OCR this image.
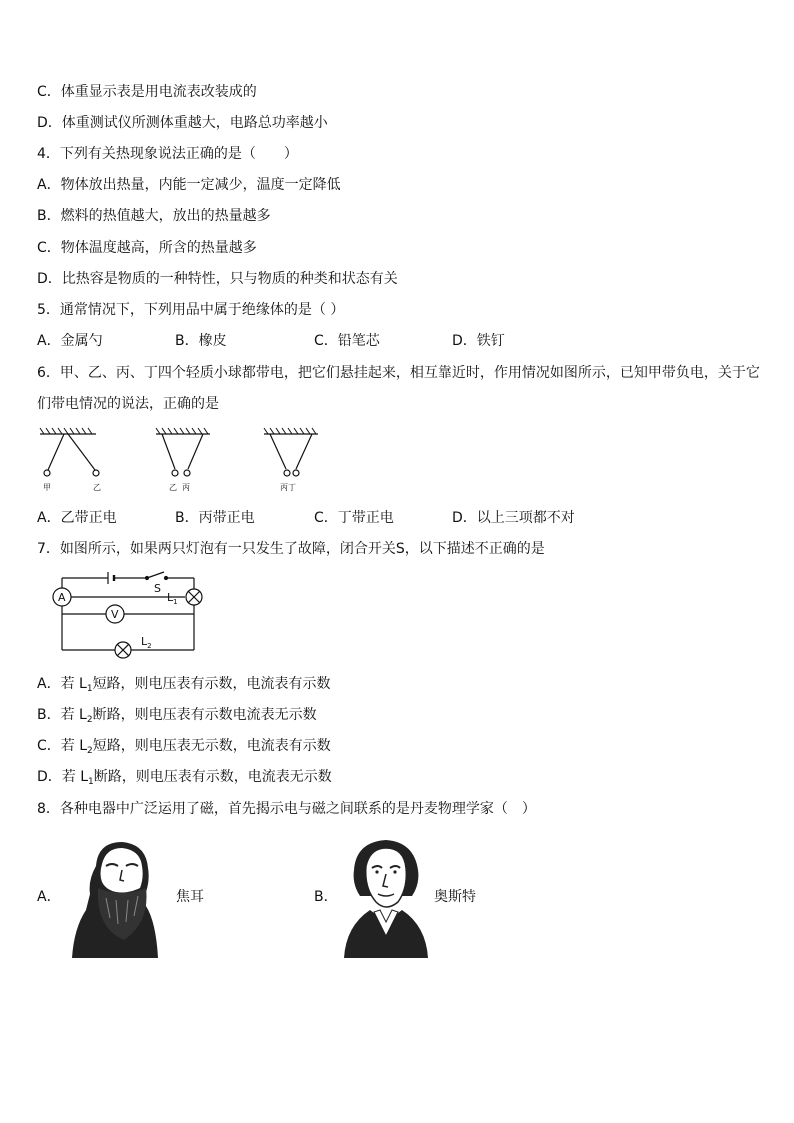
C．体重显示表是用电流表改装成的
D．体重测试仪所测体重越大，电路总功率越小
4．下列有关热现象说法正确的是（　　）
A．物体放出热量，内能一定减少，温度一定降低
B．燃料的热值越大，放出的热量越多
C．物体温度越高，所含的热量越多
D．比热容是物质的一种特性，只与物质的种类和状态有关
5．通常情况下，下列用品中属于绝缘体的是（ ）
A．金属勺	B．橡皮	C．铅笔芯	D．铁钉
6．甲、乙、丙、丁四个轻质小球都带电，把它们悬挂起来，相互靠近时，作用情况如图所示，已知甲带负电，关于它
们带电情况的说法，正确的是
甲	乙	乙 丙	丙丁
A．乙带正电	B．丙带正电	C．丁带正电	D．以上三项都不对
7．如图所示，如果两只灯泡有一只发生了故障，闭合开关S，以下描述不正确的是
A
V
S
$L_1$
$L_2$
A．若 $L_1$短路，则电压表有示数，电流表有示数
B．若 $L_2$断路，则电压表有示数电流表无示数
C．若 $L_2$短路，则电压表无示数，电流表有示数
D．若 $L_1$断路，则电压表有示数，电流表无示数
8．各种电器中广泛运用了磁，首先揭示电与磁之间联系的是丹麦物理学家（　）
A．	焦耳	B．	奥斯特
